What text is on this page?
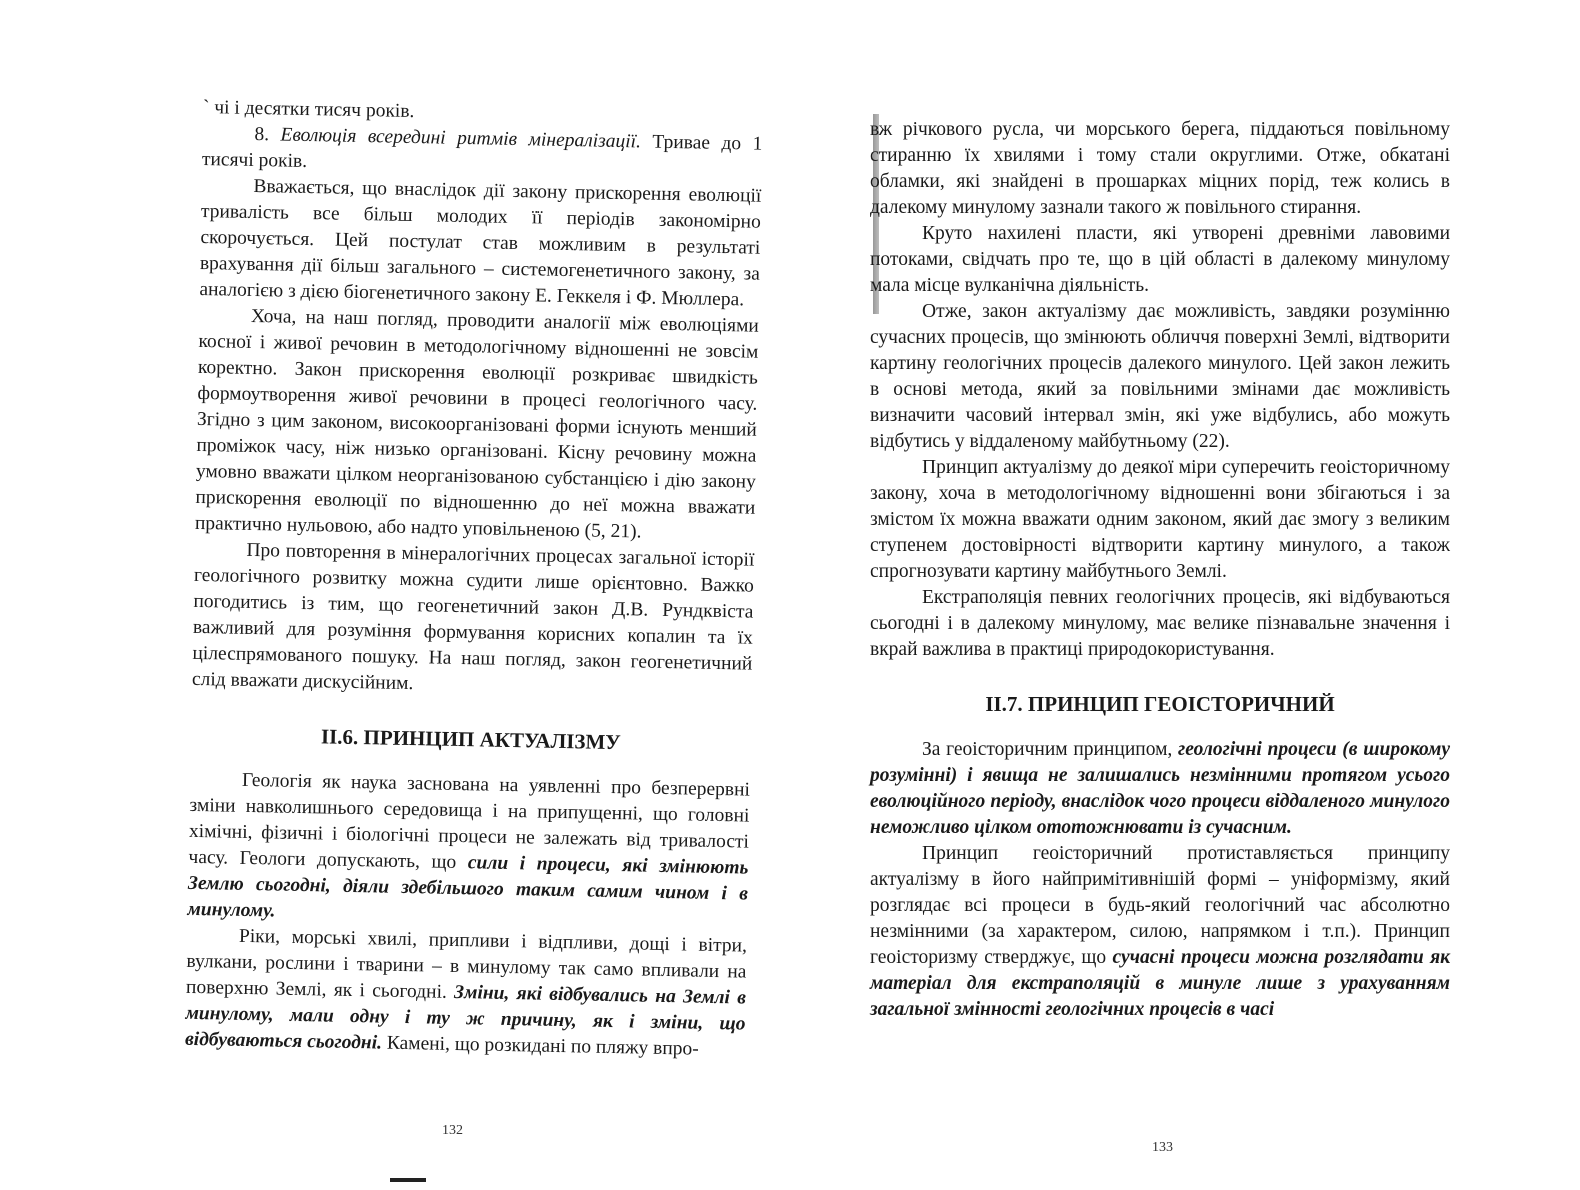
` чі і десятки тисяч років.

8. Еволюція всередині ритмів мінералізації. Тривае до 1 тисячі років.

Вважається, що внаслідок дії закону прискорення еволюції тривалість все більш молодих її періодів закономірно скорочується. Цей постулат став можливим в результаті врахування дії більш загального – системогенетичного закону, за аналогією з дією біогенетичного закону Е. Геккеля і Ф. Мюллера.

Хоча, на наш погляд, проводити аналогії між еволюціями косної і живої речовин в методологічному відношенні не зовсім коректно. Закон прискорення еволюції розкриває швидкість формоутворення живої речовини в процесі геологічного часу. Згідно з цим законом, високоорганізовані форми існують менший проміжок часу, ніж низько організовані. Кісну речовину можна умовно вважати цілком неорганізованою субстанцією і дію закону прискорення еволюції по відношенню до неї можна вважати практично нульовою, або надто уповільненою (5, 21).

Про повторення в мінералогічних процесах загальної історії геологічного розвитку можна судити лише орієнтовно. Важко погодитись із тим, що геогенетичний закон Д.В. Рундквіста важливий для розуміння формування корисних копалин та їх цілеспрямованого пошуку. На наш погляд, закон геогенетичний слід вважати дискусійним.

ІІ.6. ПРИНЦИП АКТУАЛІЗМУ

Геологія як наука заснована на уявленні про безперервні зміни навколишнього середовища і на припущенні, що головні хімічні, фізичні і біологічні процеси не залежать від тривалості часу. Геологи допускають, що сили і процеси, які змінюють Землю сьогодні, діяли здебільшого таким самим чином і в минулому.

Ріки, морські хвилі, припливи і відпливи, дощі і вітри, вулкани, рослини і тварини – в минулому так само впливали на поверхню Землі, як і сьогодні. Зміни, які відбувались на Землі в минулому, мали одну і ту ж причину, як і зміни, що відбуваються сьогодні. Камені, що розкидані по пляжу впро-

132

вж річкового русла, чи морського берега, піддаються повільному стиранню їх хвилями і тому стали округлими. Отже, обкатані обламки, які знайдені в прошарках міцних порід, теж колись в далекому минулому зазнали такого ж повільного стирання.

Круто нахилені пласти, які утворені древніми лавовими потоками, свідчать про те, що в цій області в далекому минулому мала місце вулканічна діяльність.

Отже, закон актуалізму дає можливість, завдяки розумінню сучасних процесів, що змінюють обличчя поверхні Землі, відтворити картину геологічних процесів далекого минулого. Цей закон лежить в основі метода, який за повільними змінами дає можливість визначити часовий інтервал змін, які уже відбулись, або можуть відбутись у віддаленому майбутньому (22).

Принцип актуалізму до деякої міри суперечить геоісторичному закону, хоча в методологічному відношенні вони збігаються і за змістом їх можна вважати одним законом, який дає змогу з великим ступенем достовірності відтворити картину минулого, а також спрогнозувати картину майбутнього Землі.

Екстраполяція певних геологічних процесів, які відбуваються сьогодні і в далекому минулому, має велике пізнавальне значення і вкрай важлива в практиці природокористування.

ІІ.7. ПРИНЦИП ГЕОІСТОРИЧНИЙ

За геоісторичним принципом, геологічні процеси (в широкому розумінні) і явища не залишались незмінними протягом усього еволюційного періоду, внаслідок чого процеси віддаленого минулого неможливо цілком ототожнювати із сучасним.

Принцип геоісторичний протиставляється принципу актуалізму в його найпримітивнішій формі – уніформізму, який розглядає всі процеси в будь-який геологічний час абсолютно незмінними (за характером, силою, напрямком і т.п.). Принцип геоісторизму стверджує, що сучасні процеси можна розглядати як матеріал для екстраполяцій в минуле лише з урахуванням загальної змінності геологічних процесів в часі

133
